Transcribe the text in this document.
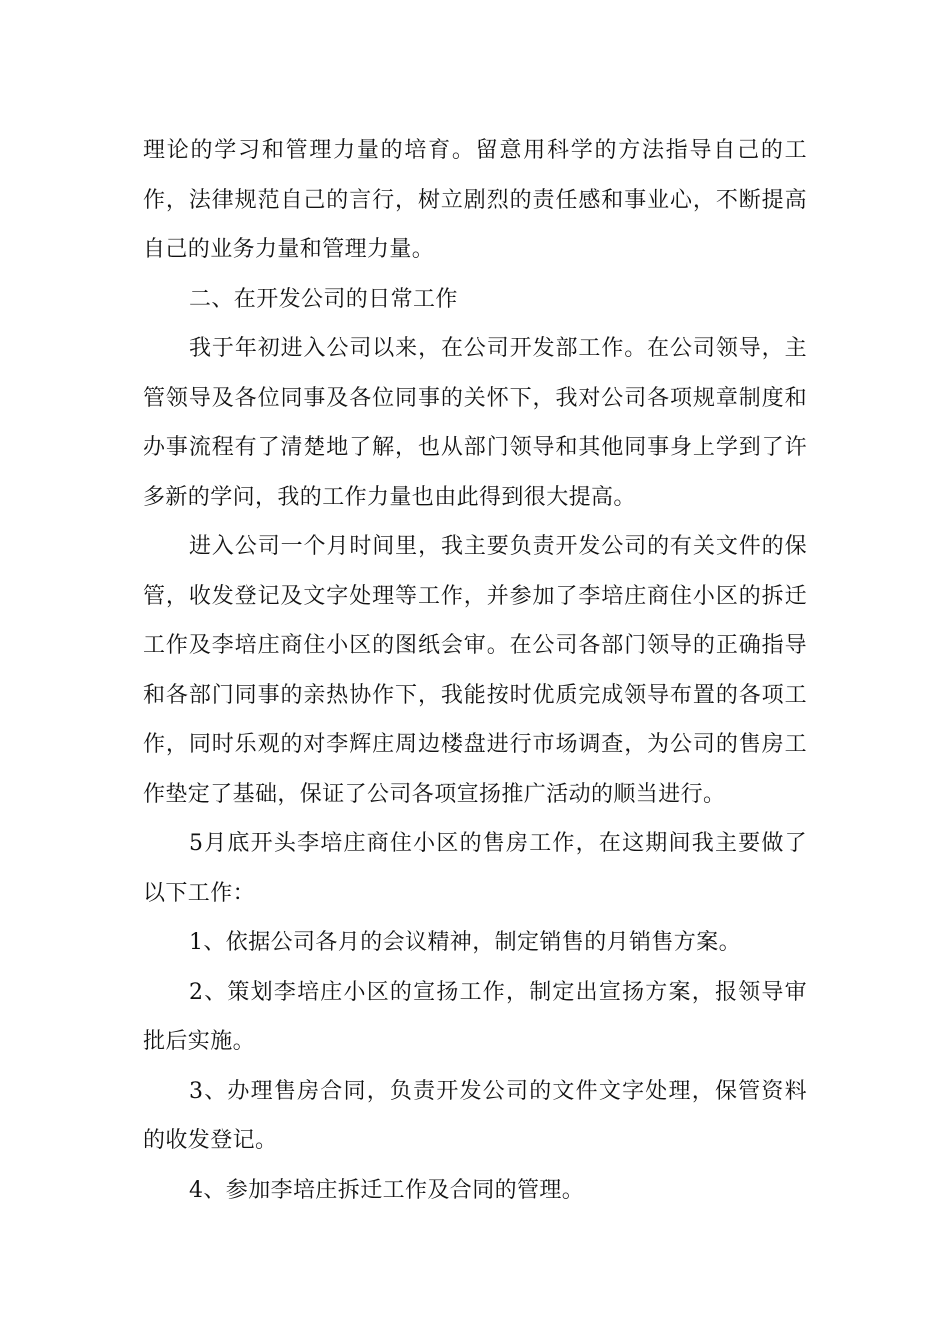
理论的学习和管理力量的培育。留意用科学的方法指导自己的工作，法律规范自己的言行，树立剧烈的责任感和事业心，不断提高自己的业务力量和管理力量。

二、在开发公司的日常工作

我于年初进入公司以来，在公司开发部工作。在公司领导，主管领导及各位同事及各位同事的关怀下，我对公司各项规章制度和办事流程有了清楚地了解，也从部门领导和其他同事身上学到了许多新的学问，我的工作力量也由此得到很大提高。

进入公司一个月时间里，我主要负责开发公司的有关文件的保管，收发登记及文字处理等工作，并参加了李培庄商住小区的拆迁工作及李培庄商住小区的图纸会审。在公司各部门领导的正确指导和各部门同事的亲热协作下，我能按时优质完成领导布置的各项工作，同时乐观的对李辉庄周边楼盘进行市场调查，为公司的售房工作垫定了基础，保证了公司各项宣扬推广活动的顺当进行。

5月底开头李培庄商住小区的售房工作，在这期间我主要做了以下工作：

1、依据公司各月的会议精神，制定销售的月销售方案。

2、策划李培庄小区的宣扬工作，制定出宣扬方案，报领导审批后实施。

3、办理售房合同，负责开发公司的文件文字处理，保管资料的收发登记。

4、参加李培庄拆迁工作及合同的管理。
